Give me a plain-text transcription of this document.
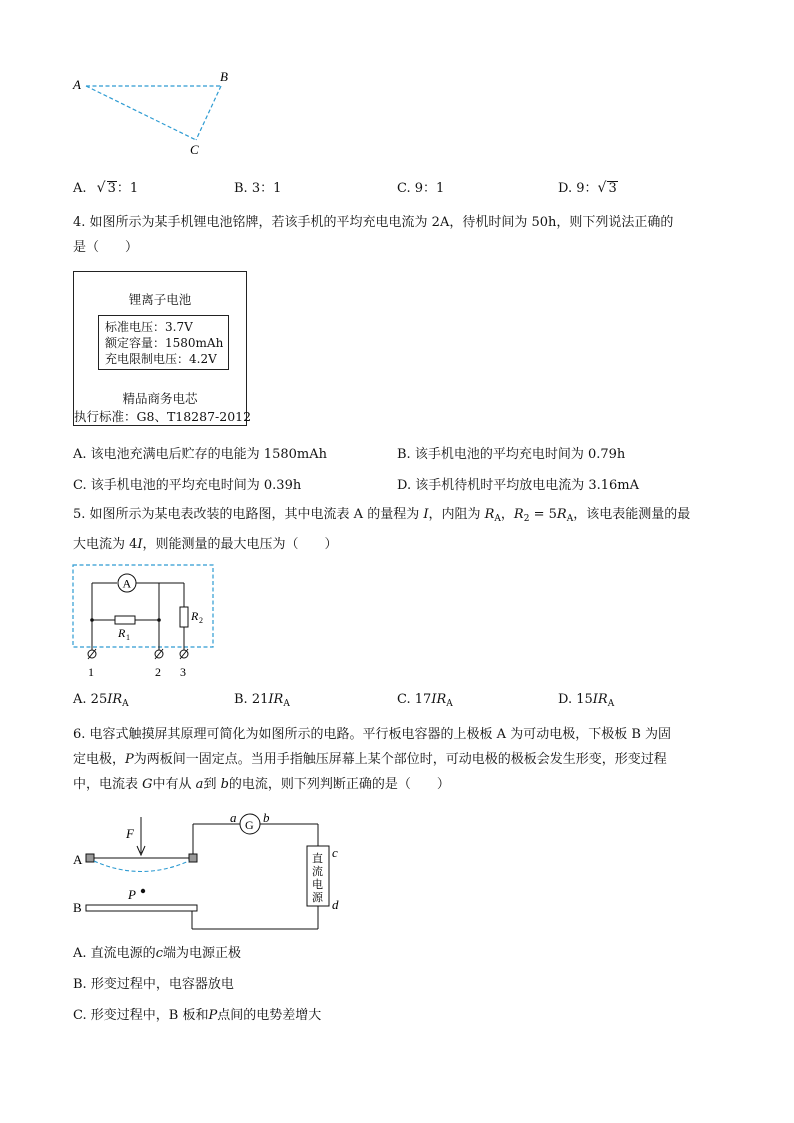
A
B
C
A. √ 3：1	B. 3：1	C. 9：1	D. 9：√ 3
4. 如图所示为某手机锂电池铭牌，若该手机的平均充电电流为 2A，待机时间为 50h，则下列说法正确的
是（　　）
锂离子电池
标准电压：3.7V
额定容量：1580mAh
充电限制电压：4.2V
精品商务电芯
执行标准：G8、T18287-2012
A. 该电池充满电后贮存的电能为 1580mAh	B. 该手机电池的平均充电时间为 0.79h
C. 该手机电池的平均充电时间为 0.39h	D. 该手机待机时平均放电电流为 3.16mA
5. 如图所示为某电表改装的电路图，其中电流表 A 的量程为 I，内阻为 $R_A$，$R_2 = 5R_A$，该电表能测量的最
大电流为 4I，则能测量的最大电压为（　　）
A
R 1
R 2
1	2 3
A. $25IR_A$	B. $21IR_A$	C. $17IR_A$	D. $15IR_A$
6. 电容式触摸屏其原理可简化为如图所示的电路。平行板电容器的上极板 A 为可动电极，下极板 B 为固
定电极，P为两板间一固定点。当用手指触压屏幕上某个部位时，可动电极的极板会发生形变，形变过程
中，电流表 G中有从 a到 b的电流，则下列判断正确的是（　　）
F
A
G
a b
直
流
电
源
c
d
B
P
A. 直流电源的c端为电源正极
B. 形变过程中，电容器放电
C. 形变过程中，B 板和P点间的电势差增大
